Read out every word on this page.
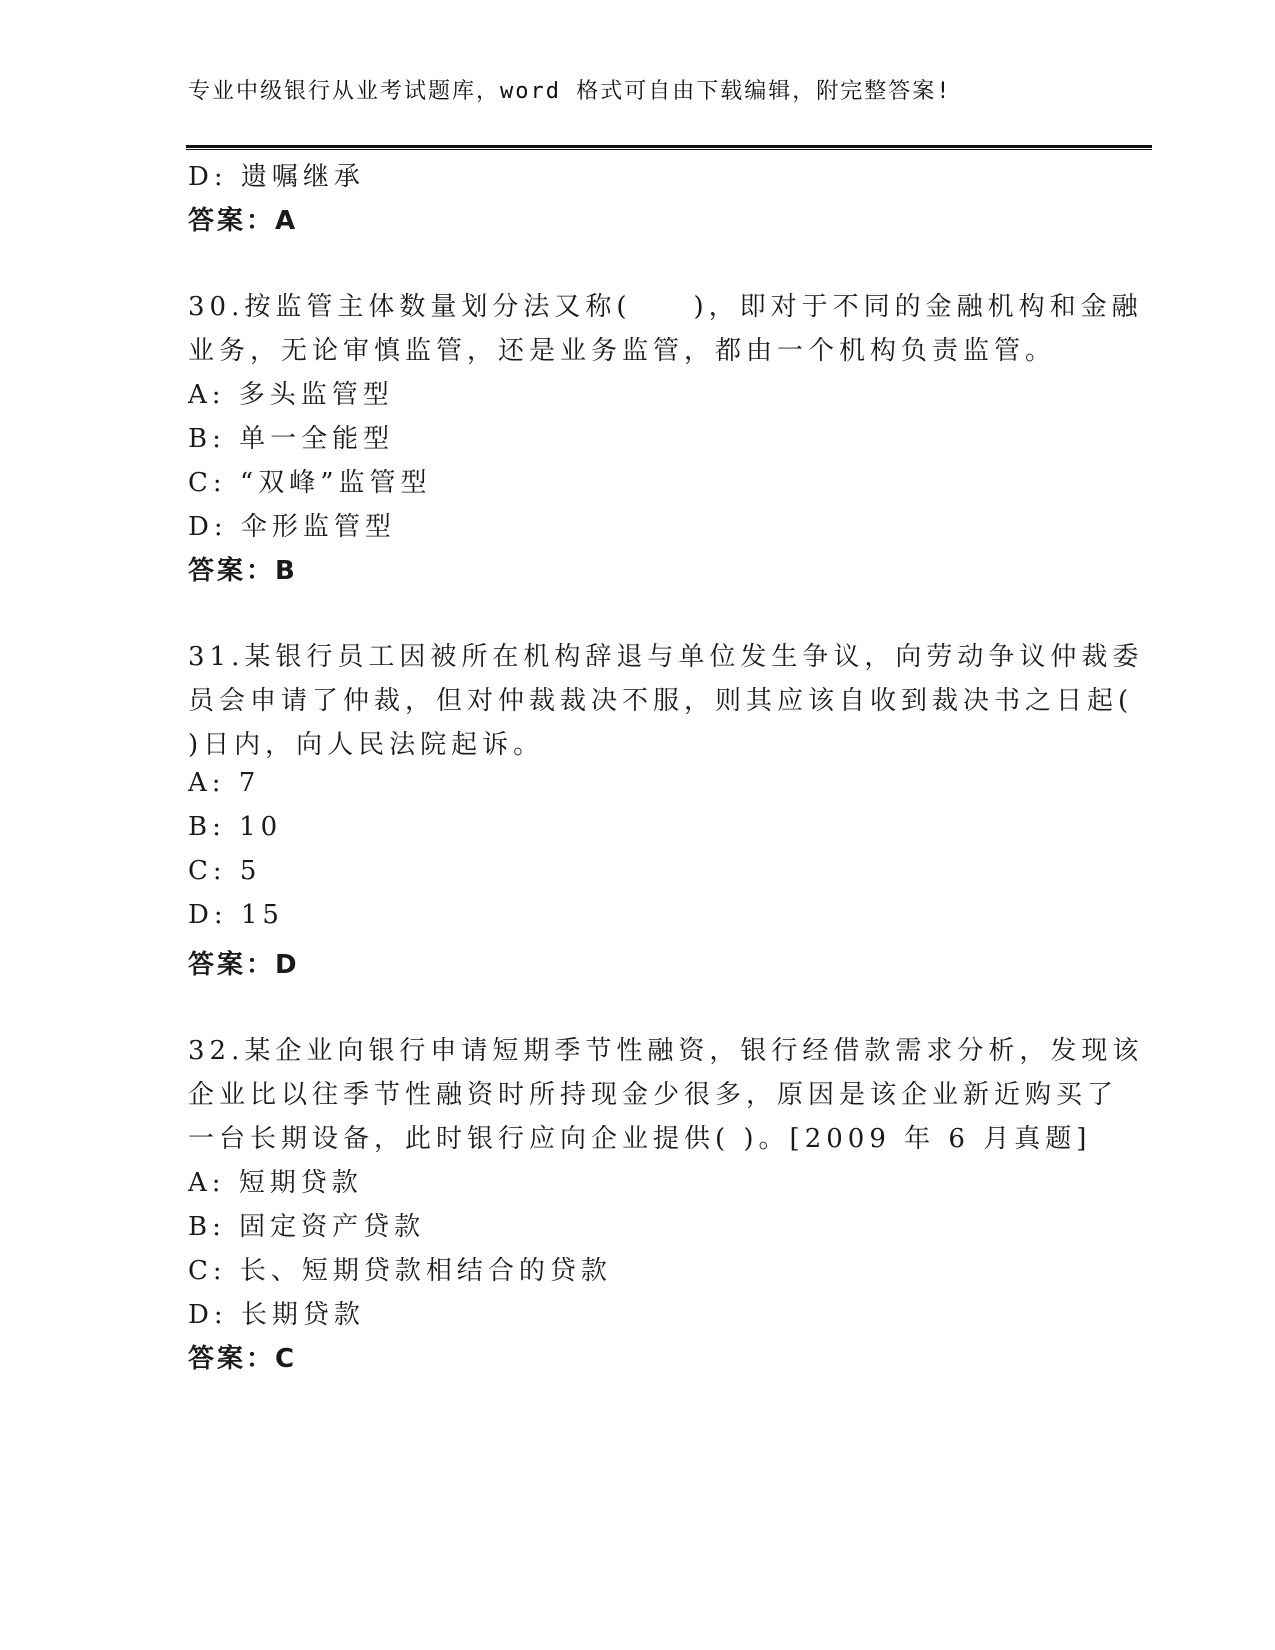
专业中级银行从业考试题库，word 格式可自由下载编辑，附完整答案!
D: 遗嘱继承
答案：A
30.按监管主体数量划分法又称(　　)，即对于不同的金融机构和金融
业务，无论审慎监管，还是业务监管，都由一个机构负责监管。
A: 多头监管型
B: 单一全能型
C: “双峰”监管型
D: 伞形监管型
答案：B
31.某银行员工因被所在机构辞退与单位发生争议，向劳动争议仲裁委
员会申请了仲裁，但对仲裁裁决不服，则其应该自收到裁决书之日起(
)日内，向人民法院起诉。
A: 7
B: 10
C: 5
D: 15
答案：D
32.某企业向银行申请短期季节性融资，银行经借款需求分析，发现该
企业比以往季节性融资时所持现金少很多，原因是该企业新近购买了
一台长期设备，此时银行应向企业提供( )。[2009 年 6 月真题]
A: 短期贷款
B: 固定资产贷款
C: 长、短期贷款相结合的贷款
D: 长期贷款
答案：C
